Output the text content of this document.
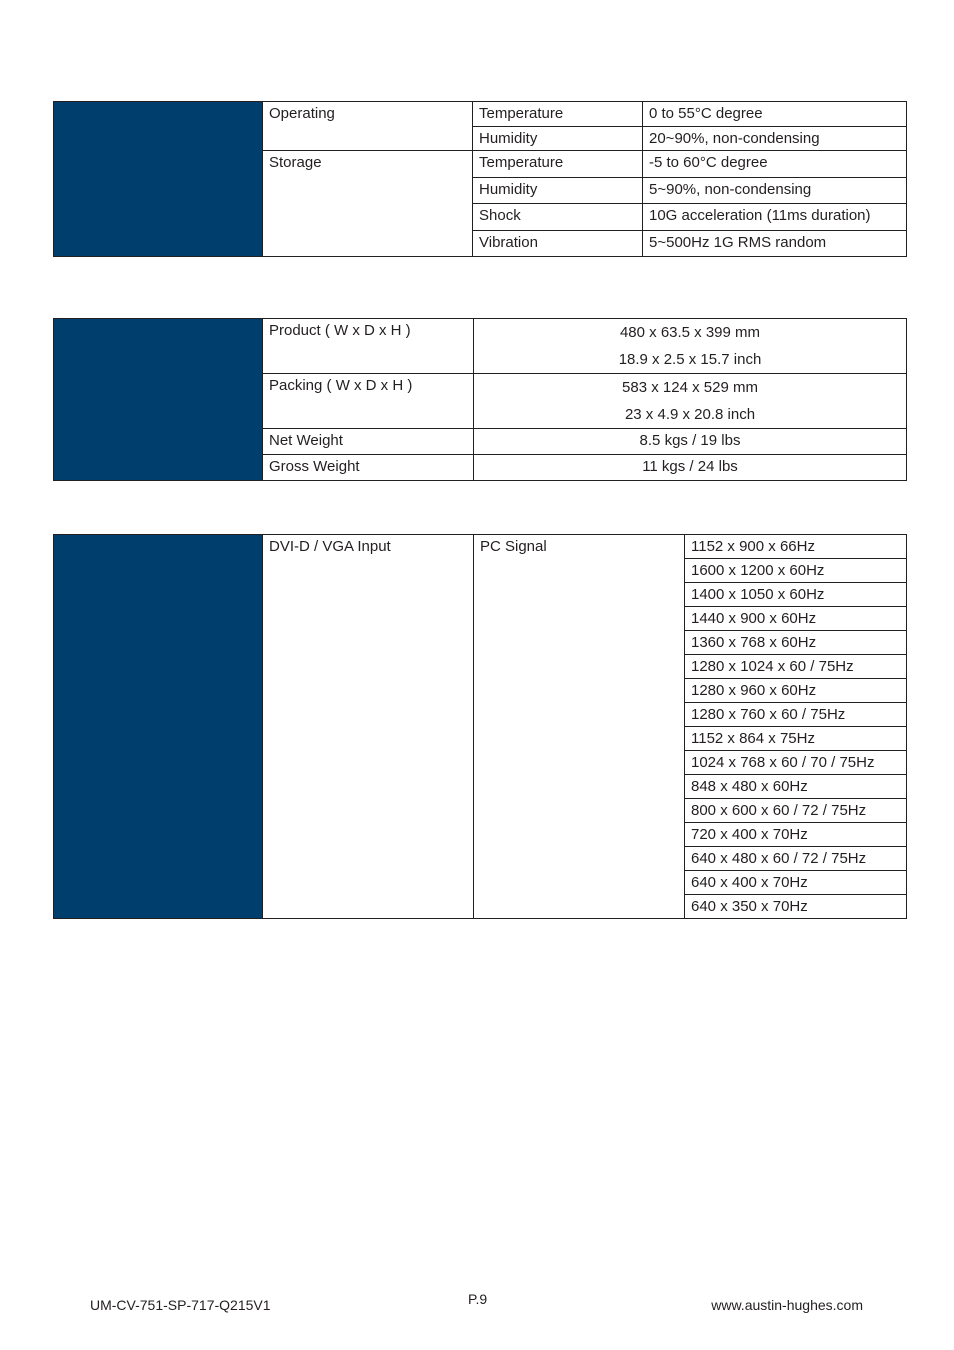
	Operating	Temperature	0 to 55°C degree
		Humidity	20~90%, non-condensing
	Storage	Temperature	-5 to 60°C degree
		Humidity	5~90%, non-condensing
		Shock	10G acceleration (11ms duration)
		Vibration	5~500Hz 1G RMS random
	Product ( W x D x H )	480 x 63.5 x 399 mm
18.9 x 2.5 x 15.7 inch

	Packing ( W x D x H )	583 x 124 x 529 mm
23 x 4.9 x 20.8 inch

	Net Weight	8.5 kgs / 19 lbs
	Gross Weight	11 kgs / 24 lbs
	DVI-D / VGA Input	PC Signal	1152 x 900 x 66Hz
1600 x 1200 x 60Hz
1400 x 1050 x 60Hz
1440 x 900 x 60Hz
1360 x 768 x 60Hz
1280 x 1024 x 60 / 75Hz
1280 x 960 x 60Hz
1280 x 760 x 60 / 75Hz
1152 x 864 x 75Hz
1024 x 768 x 60 / 70 / 75Hz
848 x 480 x 60Hz
800 x 600 x 60 / 72 / 75Hz
720 x 400 x 70Hz
640 x 480 x 60 / 72 / 75Hz
640 x 400 x 70Hz
640 x 350 x 70Hz
UM-CV-751-SP-717-Q215V1	P.9	www.austin-hughes.com
